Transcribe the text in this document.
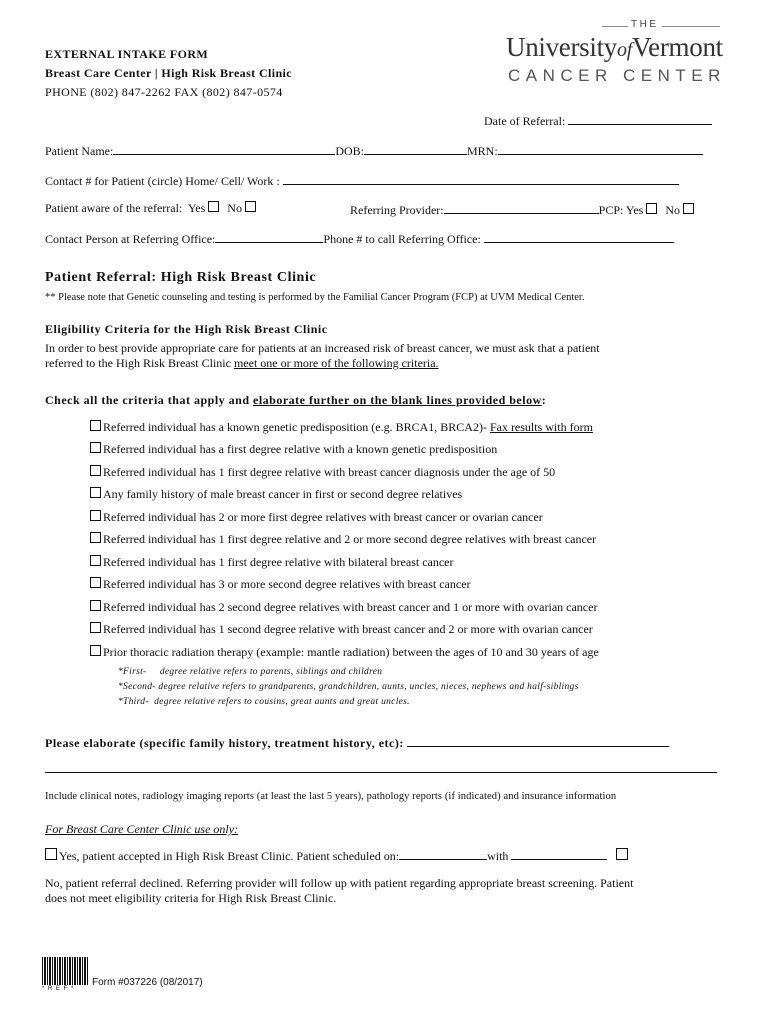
EXTERNAL INTAKE FORM
Breast Care Center | High Risk Breast Clinic
PHONE (802) 847-2262 FAX (802) 847-0574
THE
UniversityofVermont
CANCER CENTER
Date of Referral:
Patient Name:	DOB:	MRN:
Contact # for Patient (circle) Home/ Cell/ Work :
Patient aware of the referral: Yes No	Referring Provider:	PCP: Yes No
Contact Person at Referring Office:	Phone # to call Referring Office:
Patient Referral: High Risk Breast Clinic
** Please note that Genetic counseling and testing is performed by the Familial Cancer Program (FCP) at UVM Medical Center.
Eligibility Criteria for the High Risk Breast Clinic
In order to best provide appropriate care for patients at an increased risk of breast cancer, we must ask that a patient
referred to the High Risk Breast Clinic meet one or more of the following criteria.
Check all the criteria that apply and elaborate further on the blank lines provided below:
Referred individual has a known genetic predisposition (e.g. BRCA1, BRCA2)- Fax results with form
Referred individual has a first degree relative with a known genetic predisposition
Referred individual has 1 first degree relative with breast cancer diagnosis under the age of 50
Any family history of male breast cancer in first or second degree relatives
Referred individual has 2 or more first degree relatives with breast cancer or ovarian cancer
Referred individual has 1 first degree relative and 2 or more second degree relatives with breast cancer
Referred individual has 1 first degree relative with bilateral breast cancer
Referred individual has 3 or more second degree relatives with breast cancer
Referred individual has 2 second degree relatives with breast cancer and 1 or more with ovarian cancer
Referred individual has 1 second degree relative with breast cancer and 2 or more with ovarian cancer
Prior thoracic radiation therapy (example: mantle radiation) between the ages of 10 and 30 years of age
*First-     degree relative refers to parents, siblings and children
*Second- degree relative refers to grandparents, grandchildren, aunts, uncles, nieces, nephews and half-siblings
*Third-  degree relative refers to cousins, great aunts and great uncles.
Please elaborate (specific family history, treatment history, etc):
Include clinical notes, radiology imaging reports (at least the last 5 years), pathology reports (if indicated) and insurance information
For Breast Care Center Clinic use only:
Yes, patient accepted in High Risk Breast Clinic. Patient scheduled on:	with
No, patient referral declined. Referring provider will follow up with patient regarding appropriate breast screening. Patient
does not meet eligibility criteria for High Risk Breast Clinic.
* R E F *
Form #037226 (08/2017)
